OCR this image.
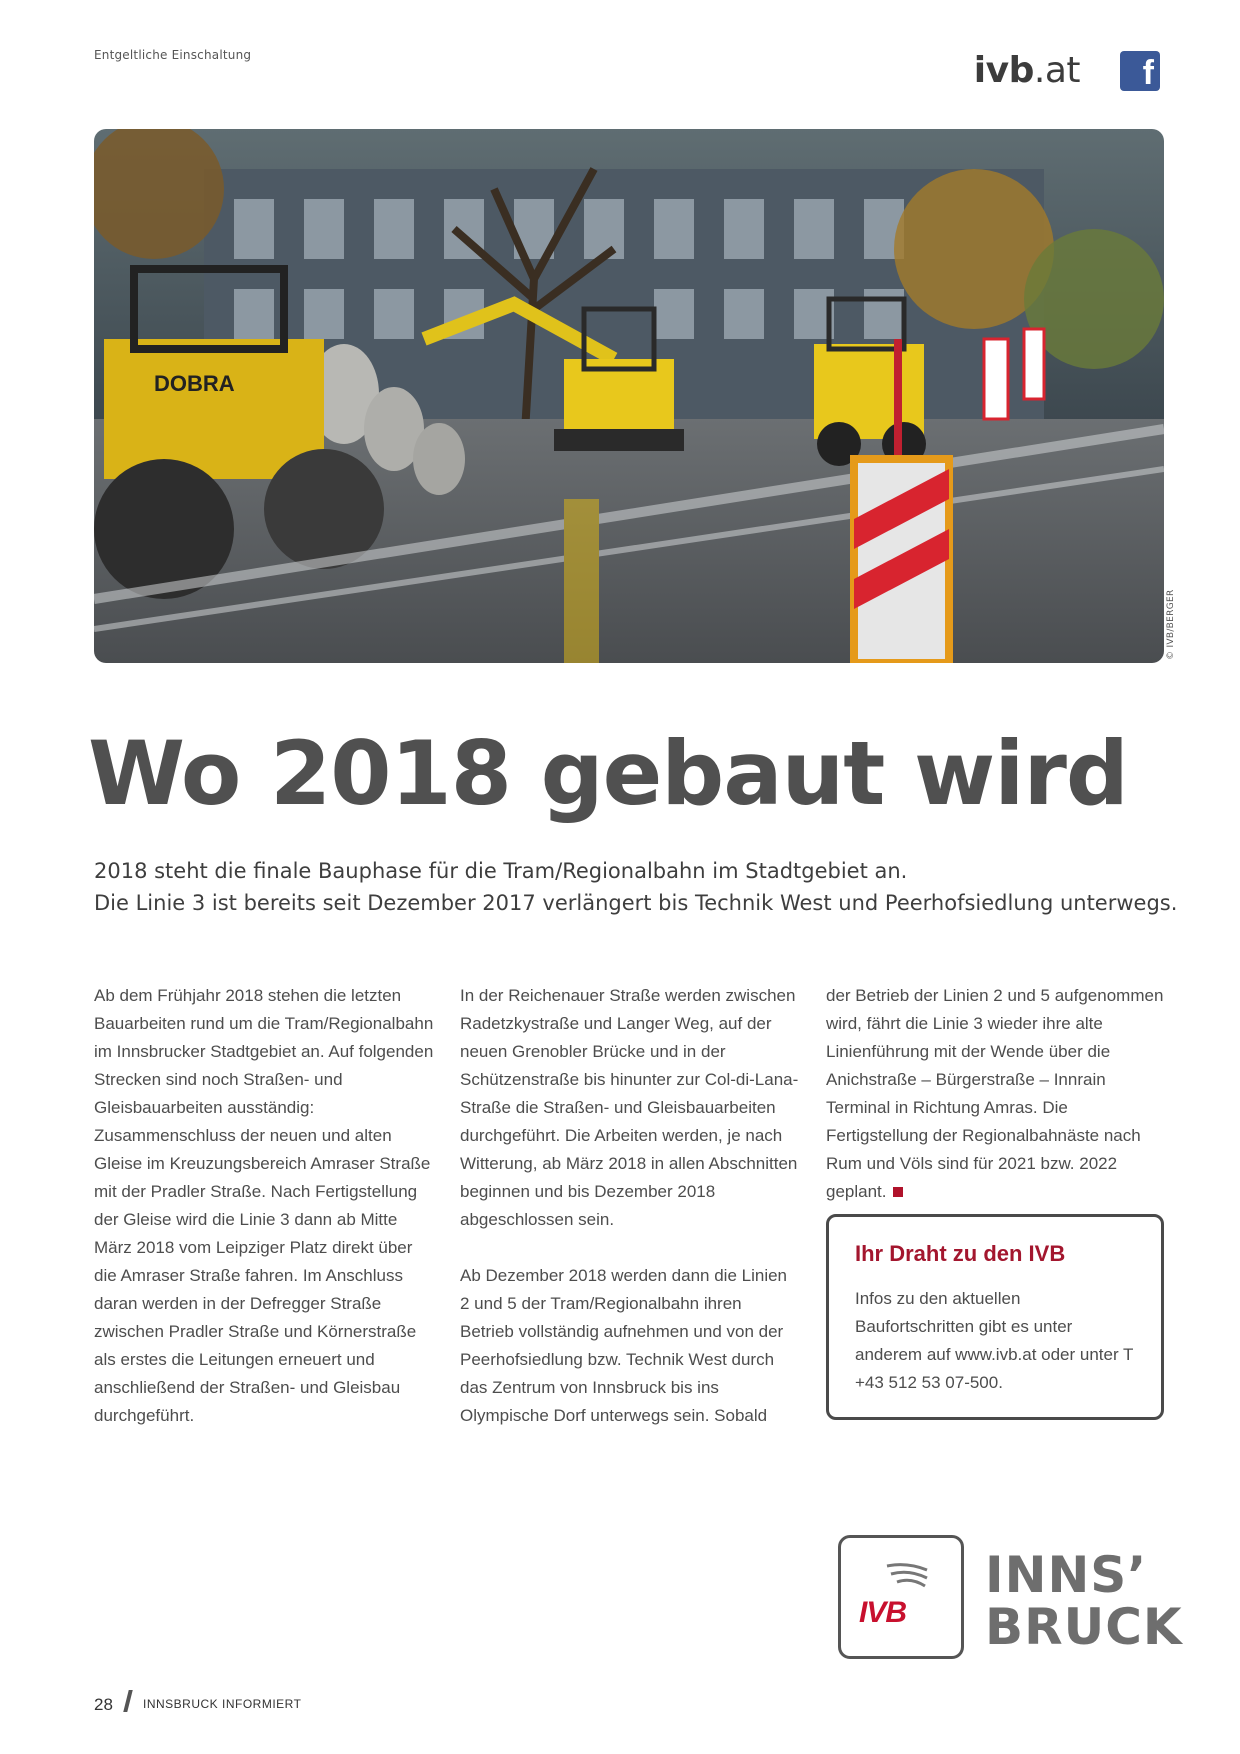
Entgeltliche Einschaltung	ivb.at	f
DOBRA
© IVB/BERGER
Wo 2018 gebaut wird
2018 steht die finale Bauphase für die Tram/Regionalbahn im Stadtgebiet an.
Die Linie 3 ist bereits seit Dezember 2017 verlängert bis Technik West und Peerhofsiedlung unterwegs.

Ab dem Frühjahr 2018 stehen die letzten Bauarbeiten rund um die Tram/Regionalbahn im Innsbrucker Stadtgebiet an. Auf folgenden Strecken sind noch Straßen- und Gleisbauarbeiten ausständig: Zusammenschluss der neuen und alten Gleise im Kreuzungsbereich Amraser Straße mit der Pradler Straße. Nach Fertigstellung der Gleise wird die Linie 3 dann ab Mitte März 2018 vom Leipziger Platz direkt über die Amraser Straße fahren. Im Anschluss daran werden in der Defregger Straße zwischen Pradler Straße und Körnerstraße als erstes die Leitungen erneuert und anschließend der Straßen- und Gleisbau durchgeführt.

In der Reichenauer Straße werden zwischen Radetzkystraße und Langer Weg, auf der neuen Grenobler Brücke und in der Schützenstraße bis hinunter zur Col-di-Lana-Straße die Straßen- und Gleisbauarbeiten durchgeführt. Die Arbeiten werden, je nach Witterung, ab März 2018 in allen Abschnitten beginnen und bis Dezember 2018 abgeschlossen sein.

Ab Dezember 2018 werden dann die Linien 2 und 5 der Tram/Regionalbahn ihren Betrieb vollständig aufnehmen und von der Peerhofsiedlung bzw. Technik West durch das Zentrum von Innsbruck bis ins Olympische Dorf unterwegs sein. Sobald

der Betrieb der Linien 2 und 5 aufgenommen wird, fährt die Linie 3 wieder ihre alte Linienführung mit der Wende über die Anichstraße – Bürgerstraße – Innrain Terminal in Richtung Amras. Die Fertigstellung der Regionalbahnäste nach Rum und Völs sind für 2021 bzw. 2022 geplant.

Ihr Draht zu den IVB
Infos zu den aktuellen Baufortschritten gibt es unter anderem auf www.ivb.at oder unter T +43 512 53 07-500.
IVB
INNS’
BRUCK
28	INNSBRUCK INFORMIERT
